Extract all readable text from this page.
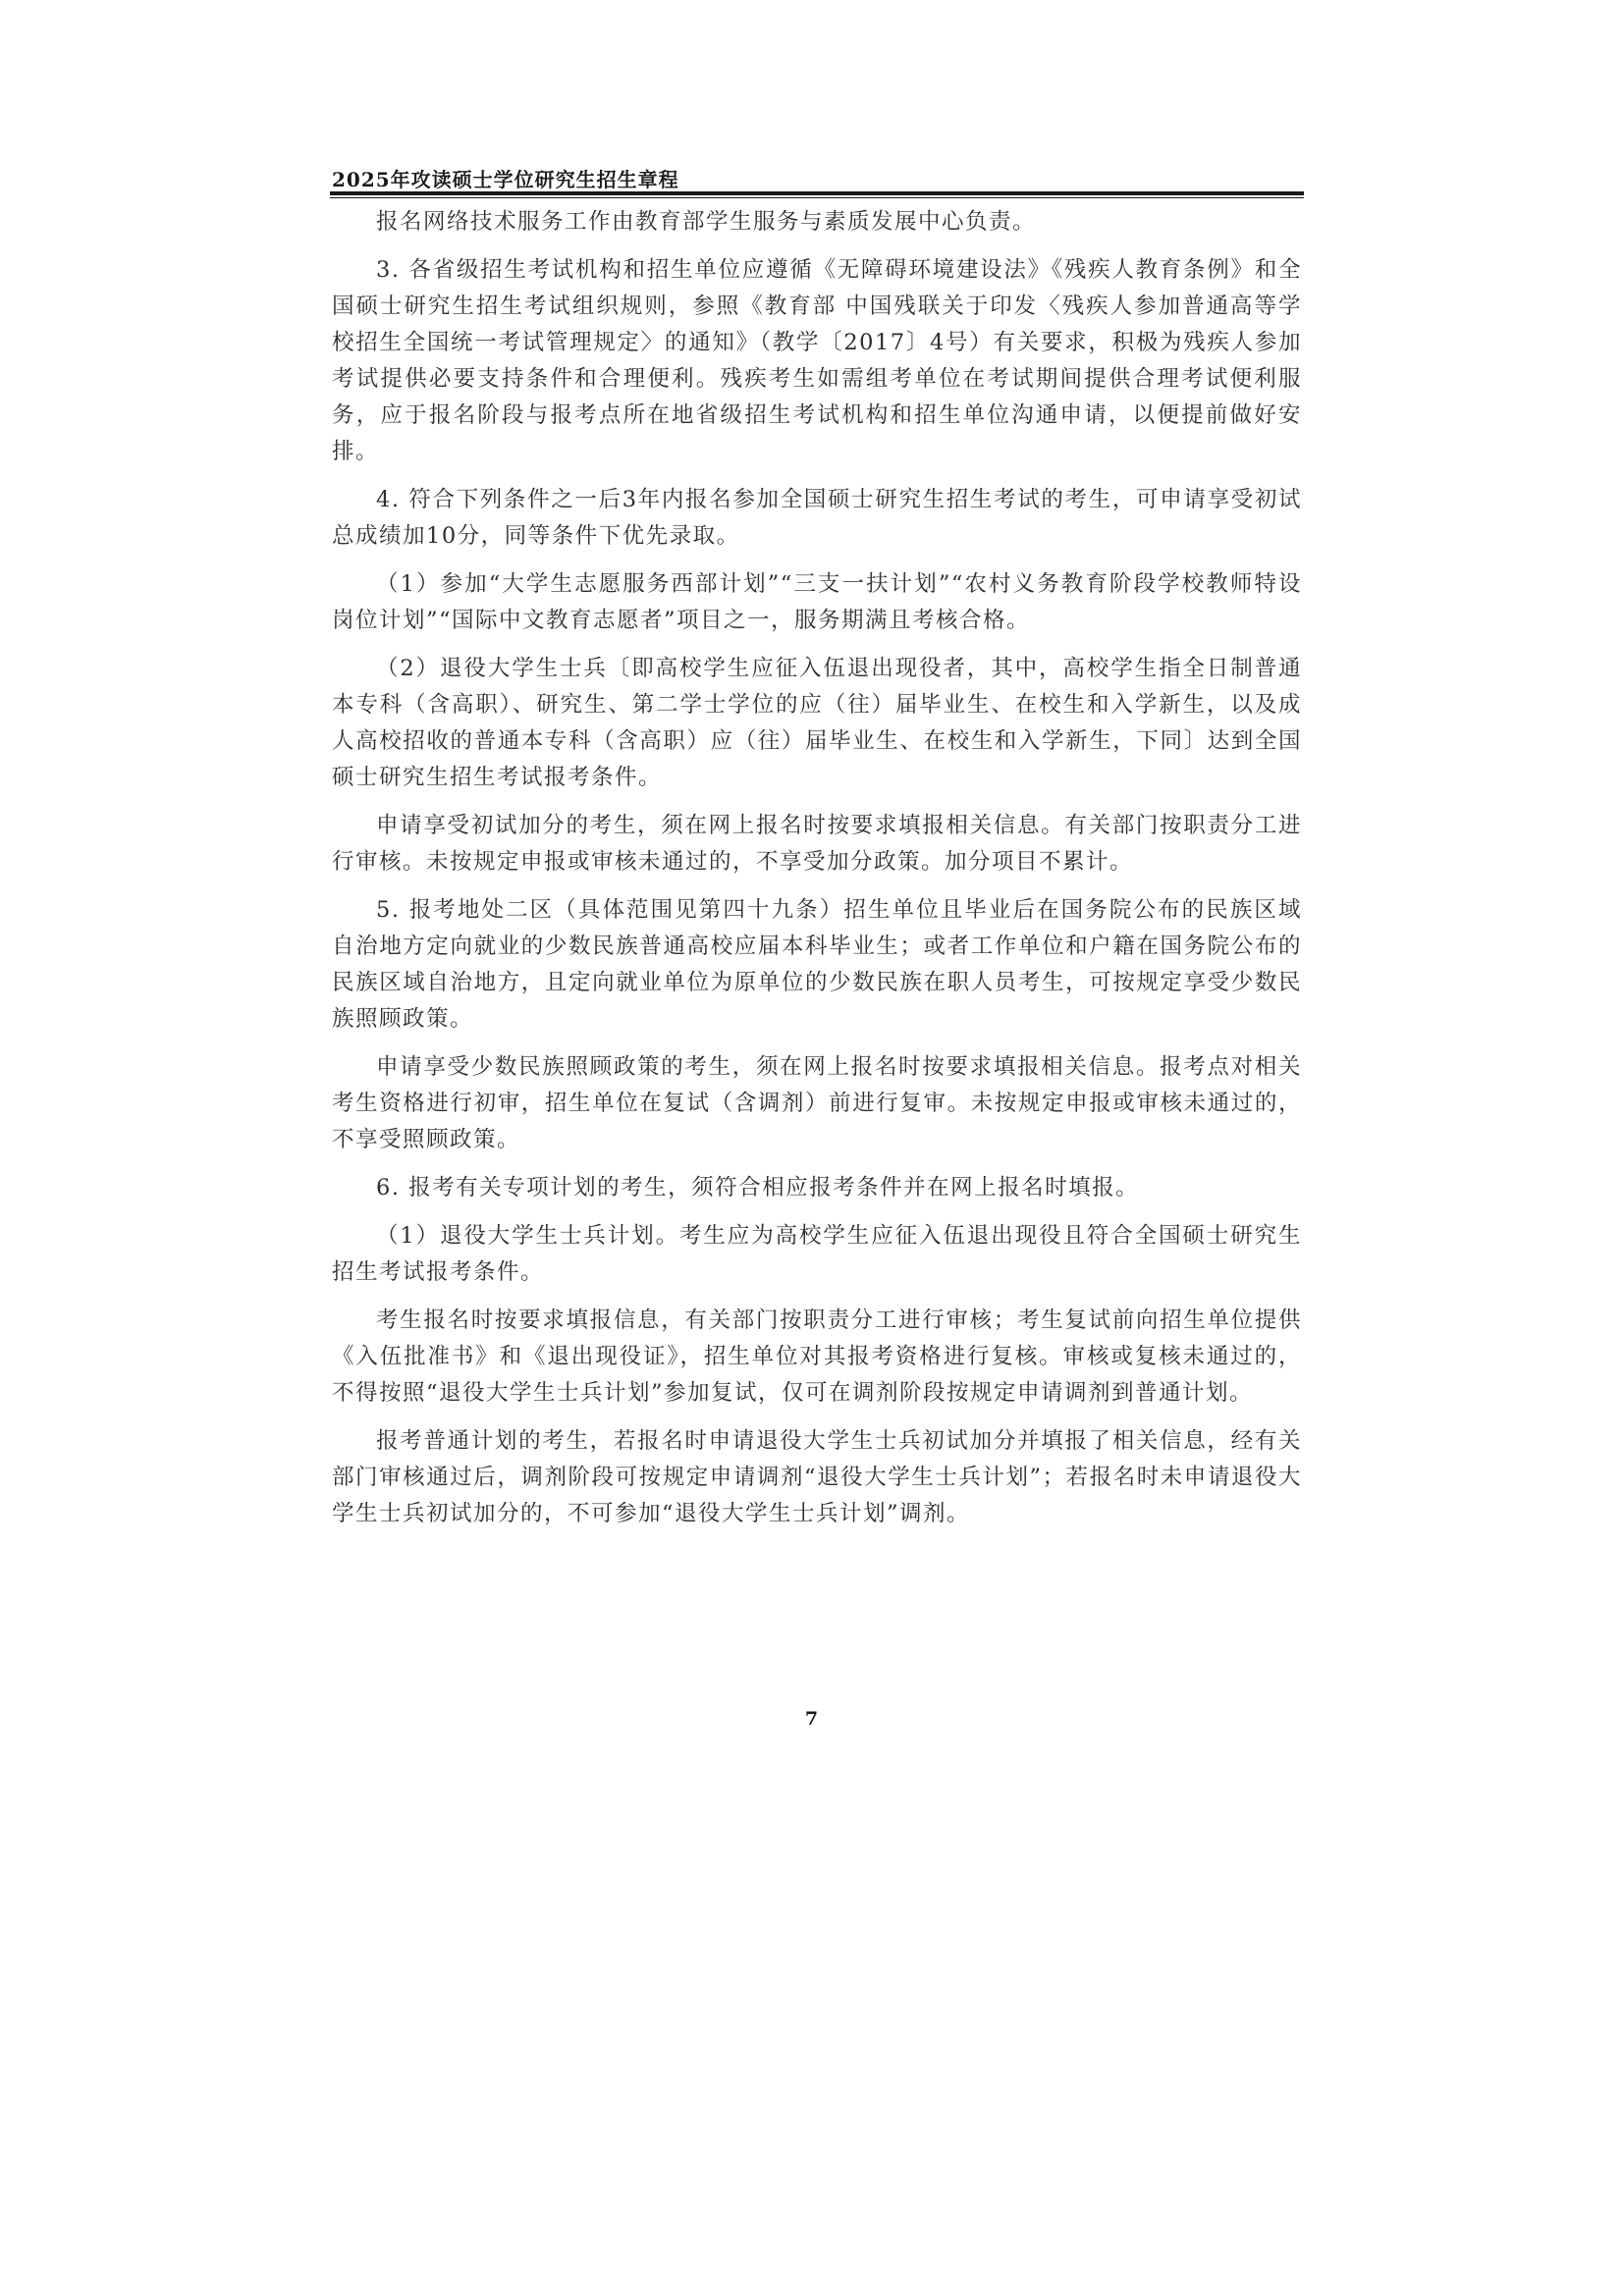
2025年攻读硕士学位研究生招生章程

报名网络技术服务工作由教育部学生服务与素质发展中心负责。

3. 各省级招生考试机构和招生单位应遵循《无障碍环境建设法》《残疾人教育条例》和全国硕士研究生招生考试组织规则，参照《教育部 中国残联关于印发〈残疾人参加普通高等学校招生全国统一考试管理规定〉的通知》（教学〔2017〕4号）有关要求，积极为残疾人参加考试提供必要支持条件和合理便利。残疾考生如需组考单位在考试期间提供合理考试便利服务，应于报名阶段与报考点所在地省级招生考试机构和招生单位沟通申请，以便提前做好安排。

4. 符合下列条件之一后3年内报名参加全国硕士研究生招生考试的考生，可申请享受初试总成绩加10分，同等条件下优先录取。

（1）参加“大学生志愿服务西部计划”“三支一扶计划”“农村义务教育阶段学校教师特设岗位计划”“国际中文教育志愿者”项目之一，服务期满且考核合格。

（2）退役大学生士兵〔即高校学生应征入伍退出现役者，其中，高校学生指全日制普通本专科（含高职）、研究生、第二学士学位的应（往）届毕业生、在校生和入学新生，以及成人高校招收的普通本专科（含高职）应（往）届毕业生、在校生和入学新生，下同〕达到全国硕士研究生招生考试报考条件。

申请享受初试加分的考生，须在网上报名时按要求填报相关信息。有关部门按职责分工进行审核。未按规定申报或审核未通过的，不享受加分政策。加分项目不累计。

5. 报考地处二区（具体范围见第四十九条）招生单位且毕业后在国务院公布的民族区域自治地方定向就业的少数民族普通高校应届本科毕业生；或者工作单位和户籍在国务院公布的民族区域自治地方，且定向就业单位为原单位的少数民族在职人员考生，可按规定享受少数民族照顾政策。

申请享受少数民族照顾政策的考生，须在网上报名时按要求填报相关信息。报考点对相关考生资格进行初审，招生单位在复试（含调剂）前进行复审。未按规定申报或审核未通过的，不享受照顾政策。

6. 报考有关专项计划的考生，须符合相应报考条件并在网上报名时填报。

（1）退役大学生士兵计划。考生应为高校学生应征入伍退出现役且符合全国硕士研究生招生考试报考条件。

考生报名时按要求填报信息，有关部门按职责分工进行审核；考生复试前向招生单位提供《入伍批准书》和《退出现役证》，招生单位对其报考资格进行复核。审核或复核未通过的，不得按照“退役大学生士兵计划”参加复试，仅可在调剂阶段按规定申请调剂到普通计划。

报考普通计划的考生，若报名时申请退役大学生士兵初试加分并填报了相关信息，经有关部门审核通过后，调剂阶段可按规定申请调剂“退役大学生士兵计划”；若报名时未申请退役大学生士兵初试加分的，不可参加“退役大学生士兵计划”调剂。

7
